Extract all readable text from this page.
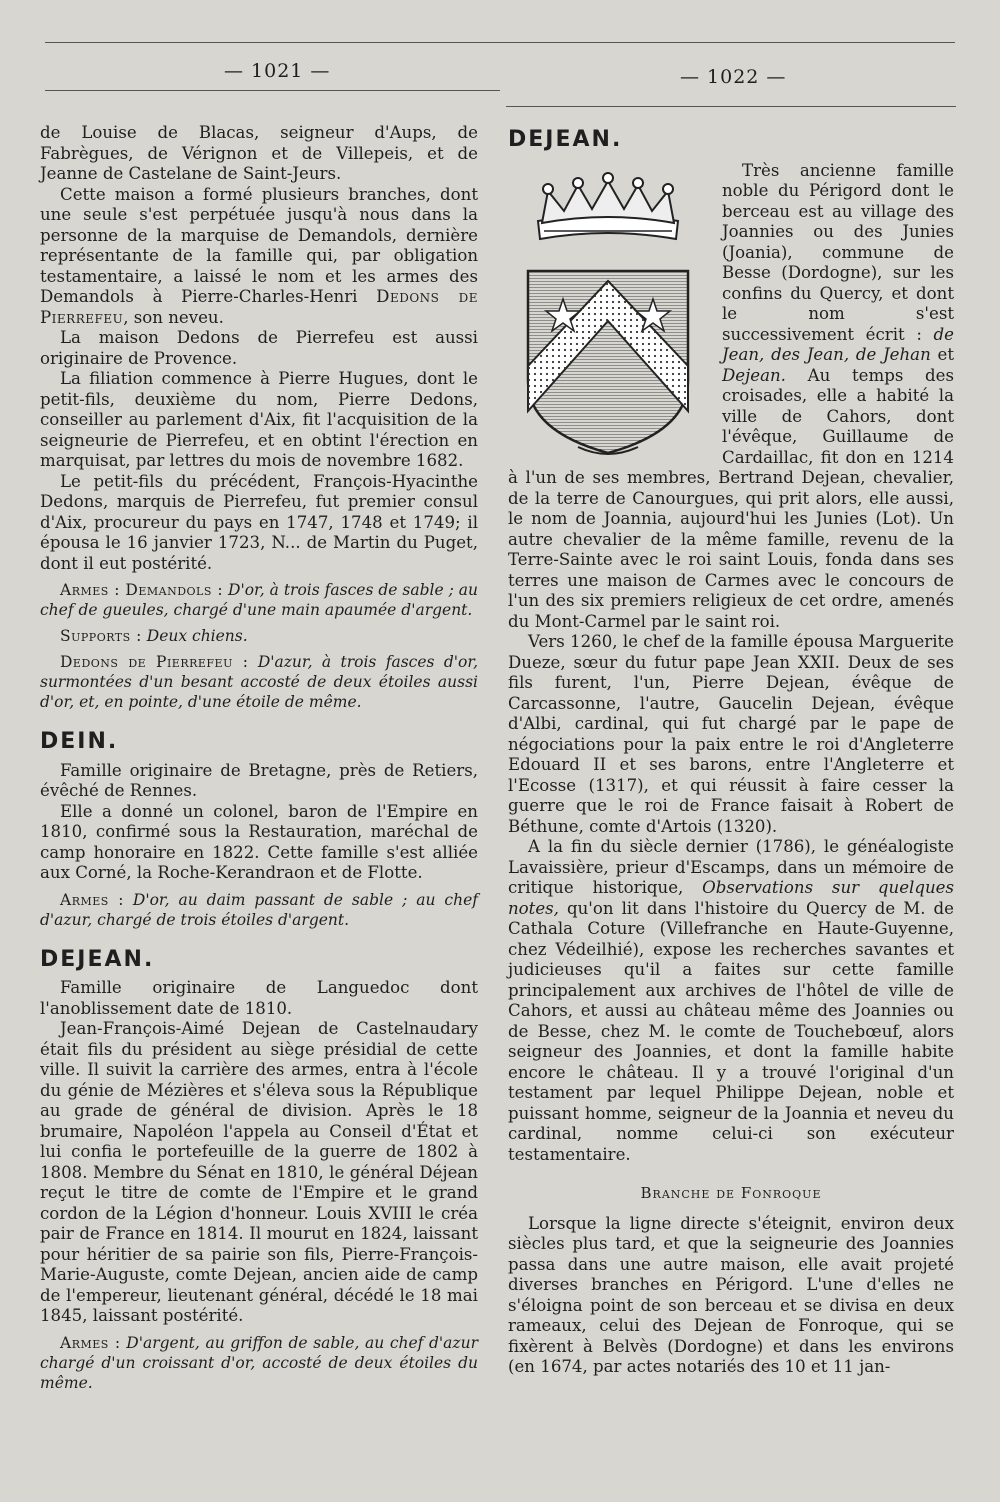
— 1021 —	— 1022 —

de Louise de Blacas, seigneur d'Aups, de Fabrègues, de Vérignon et de Villepeis, et de Jeanne de Castelane de Saint-Jeurs.

Cette maison a formé plusieurs branches, dont une seule s'est perpétuée jusqu'à nous dans la personne de la marquise de Demandols, dernière représentante de la famille qui, par obligation testamentaire, a laissé le nom et les armes des Demandols à Pierre-Charles-Henri Dedons de Pierrefeu, son neveu.

La maison Dedons de Pierrefeu est aussi originaire de Provence.

La filiation commence à Pierre Hugues, dont le petit-fils, deuxième du nom, Pierre Dedons, conseiller au parlement d'Aix, fit l'acquisition de la seigneurie de Pierrefeu, et en obtint l'érection en marquisat, par lettres du mois de novembre 1682.

Le petit-fils du précédent, François-Hyacinthe Dedons, marquis de Pierrefeu, fut premier consul d'Aix, procureur du pays en 1747, 1748 et 1749; il épousa le 16 janvier 1723, N... de Martin du Puget, dont il eut postérité.

Armes : Demandols : D'or, à trois fasces de sable ; au chef de gueules, chargé d'une main apaumée d'argent.

Supports : Deux chiens.

Dedons de Pierrefeu : D'azur, à trois fasces d'or, surmontées d'un besant accosté de deux étoiles aussi d'or, et, en pointe, d'une étoile de même.

DEIN.

Famille originaire de Bretagne, près de Retiers, évêché de Rennes.

Elle a donné un colonel, baron de l'Empire en 1810, confirmé sous la Restauration, maréchal de camp honoraire en 1822. Cette famille s'est alliée aux Corné, la Roche-Kerandraon et de Flotte.

Armes : D'or, au daim passant de sable ; au chef d'azur, chargé de trois étoiles d'argent.

DEJEAN.

Famille originaire de Languedoc dont l'anoblissement date de 1810.

Jean-François-Aimé Dejean de Castelnaudary était fils du président au siège présidial de cette ville. Il suivit la carrière des armes, entra à l'école du génie de Mézières et s'éleva sous la République au grade de général de division. Après le 18 brumaire, Napoléon l'appela au Conseil d'État et lui confia le portefeuille de la guerre de 1802 à 1808. Membre du Sénat en 1810, le général Déjean reçut le titre de comte de l'Empire et le grand cordon de la Légion d'honneur. Louis XVIII le créa pair de France en 1814. Il mourut en 1824, laissant pour héritier de sa pairie son fils, Pierre-François-Marie-Auguste, comte Dejean, ancien aide de camp de l'empereur, lieutenant général, décédé le 18 mai 1845, laissant postérité.

Armes : D'argent, au griffon de sable, au chef d'azur chargé d'un croissant d'or, accosté de deux étoiles du même.

DEJEAN.

Très ancienne famille noble du Périgord dont le berceau est au village des Joannies ou des Junies (Joania), commune de Besse (Dordogne), sur les confins du Quercy, et dont le nom s'est successivement écrit : de Jean, des Jean, de Jehan et Dejean. Au temps des croisades, elle a habité la ville de Cahors, dont l'évêque, Guillaume de Cardaillac, fit don en 1214 à l'un de ses membres, Bertrand Dejean, chevalier, de la terre de Canourgues, qui prit alors, elle aussi, le nom de Joannia, aujourd'hui les Junies (Lot). Un autre chevalier de la même famille, revenu de la Terre-Sainte avec le roi saint Louis, fonda dans ses terres une maison de Carmes avec le concours de l'un des six premiers religieux de cet ordre, amenés du Mont-Carmel par le saint roi.

Vers 1260, le chef de la famille épousa Marguerite Dueze, sœur du futur pape Jean XXII. Deux de ses fils furent, l'un, Pierre Dejean, évêque de Carcassonne, l'autre, Gaucelin Dejean, évêque d'Albi, cardinal, qui fut chargé par le pape de négociations pour la paix entre le roi d'Angleterre Edouard II et ses barons, entre l'Angleterre et l'Ecosse (1317), et qui réussit à faire cesser la guerre que le roi de France faisait à Robert de Béthune, comte d'Artois (1320).

A la fin du siècle dernier (1786), le généalogiste Lavaissière, prieur d'Escamps, dans un mémoire de critique historique, Observations sur quelques notes, qu'on lit dans l'histoire du Quercy de M. de Cathala Coture (Villefranche en Haute-Guyenne, chez Védeilhié), expose les recherches savantes et judicieuses qu'il a faites sur cette famille principalement aux archives de l'hôtel de ville de Cahors, et aussi au château même des Joannies ou de Besse, chez M. le comte de Touchebœuf, alors seigneur des Joannies, et dont la famille habite encore le château. Il y a trouvé l'original d'un testament par lequel Philippe Dejean, noble et puissant homme, seigneur de la Joannia et neveu du cardinal, nomme celui-ci son exécuteur testamentaire.

Branche de Fonroque

Lorsque la ligne directe s'éteignit, environ deux siècles plus tard, et que la seigneurie des Joannies passa dans une autre maison, elle avait projeté diverses branches en Périgord. L'une d'elles ne s'éloigna point de son berceau et se divisa en deux rameaux, celui des Dejean de Fonroque, qui se fixèrent à Belvès (Dordogne) et dans les environs (en 1674, par actes notariés des 10 et 11 jan-
